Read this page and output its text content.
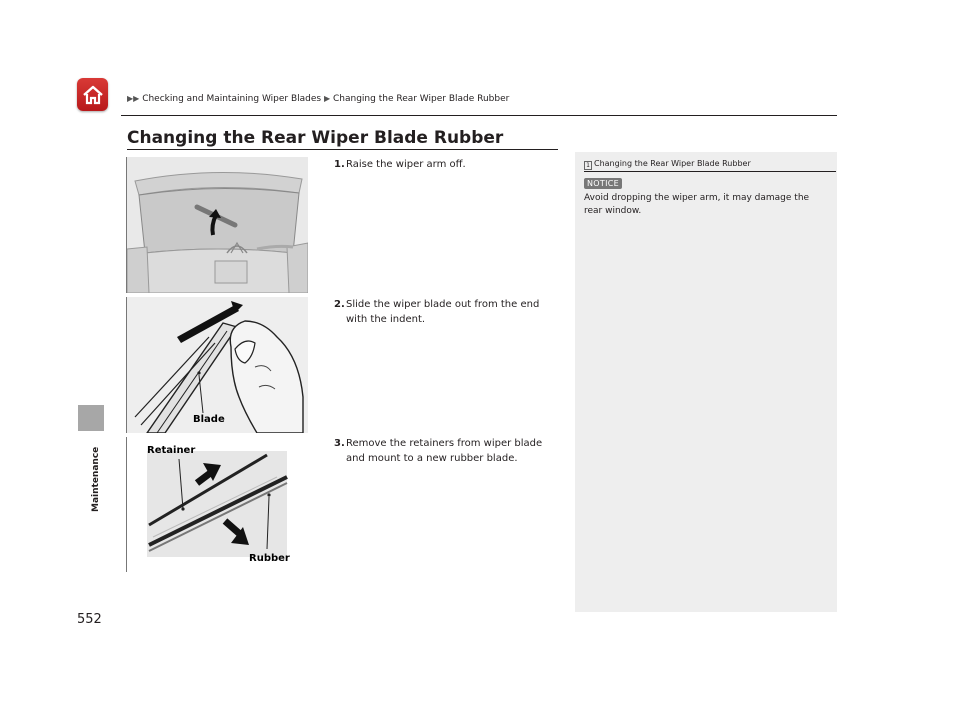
▶▶ Checking and Maintaining Wiper Blades ▶ Changing the Rear Wiper Blade Rubber
Maintenance
Changing the Rear Wiper Blade Rubber
Blade
Retainer
Rubber
1. Raise the wiper arm off.
2. Slide the wiper blade out from the end with the indent.
3. Remove the retainers from wiper blade and mount to a new rubber blade.
1 Changing the Rear Wiper Blade Rubber
NOTICE
Avoid dropping the wiper arm, it may damage the rear window.
552
